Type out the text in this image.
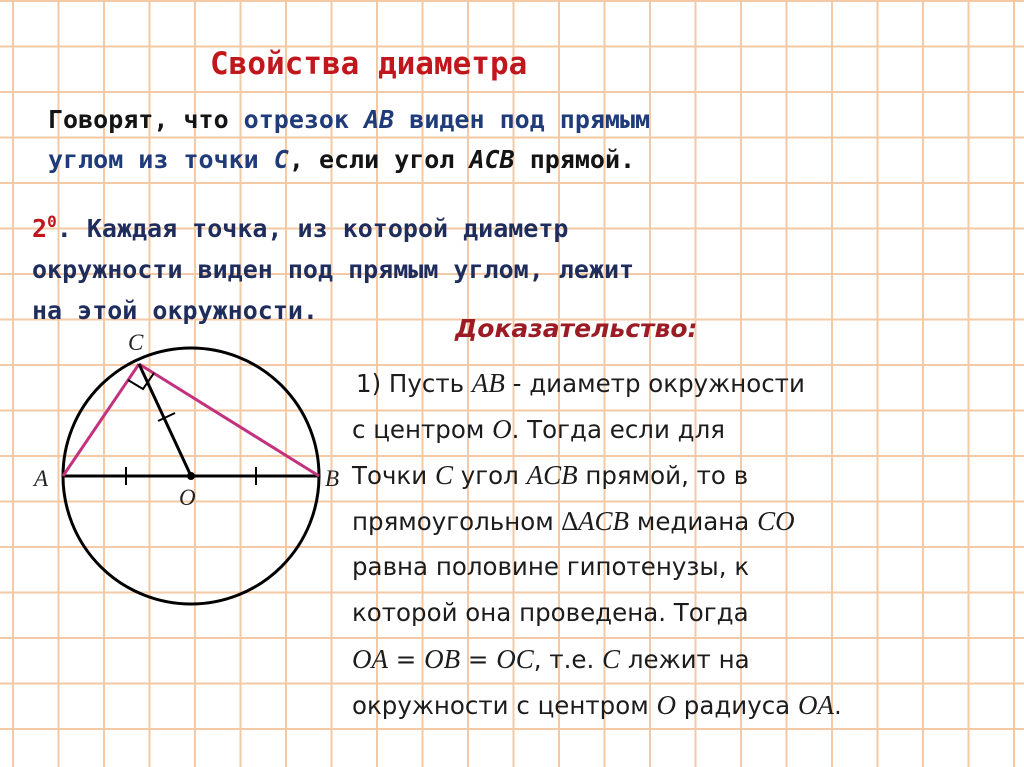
Свойства диаметра
Говорят, что отрезок AB виден под прямым
углом из точки C, если угол ACB прямой.
$2^0$. Каждая точка, из которой диаметр
окружности виден под прямым углом, лежит
на этой окружности.
Доказательство:
1) Пусть AB - диаметр окружности
с центром O. Тогда если для
Точки C угол ACB прямой, то в
прямоугольном ∆ACB медиана CO
равна половине гипотенузы, к
которой она проведена. Тогда
OA = OB = OC, т.е. C лежит на
окружности с центром O радиуса OA.
A	B
C
O
